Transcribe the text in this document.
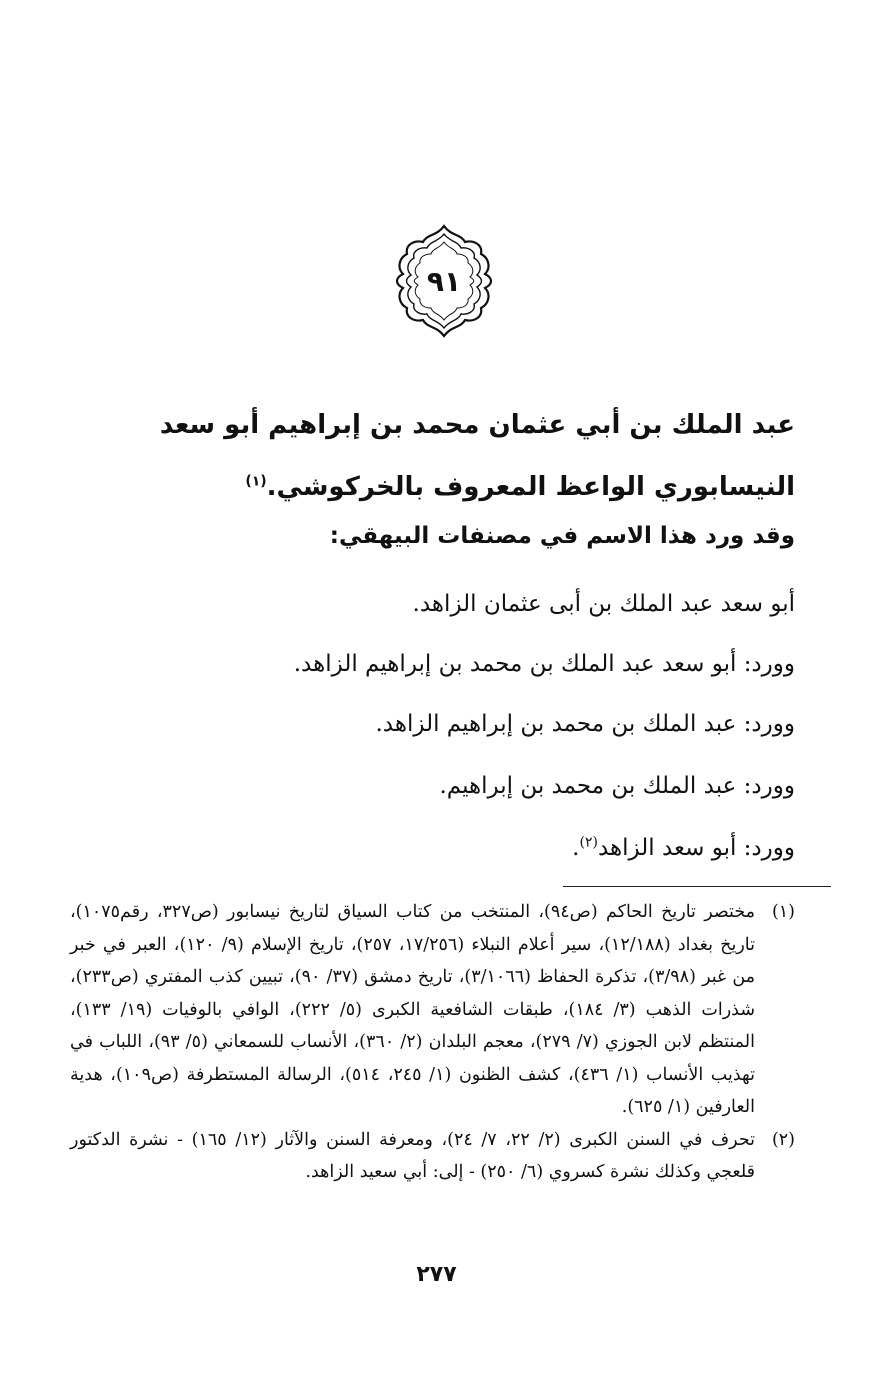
٩١
عبد الملك بن أبي عثمان محمد بن إبراهيم أبو سعد النيسابوري الواعظ المعروف بالخركوشي.$^{(١)}$
وقد ورد هذا الاسم في مصنفات البيهقي:
أبو سعد عبد الملك بن أبى عثمان الزاهد.
وورد: أبو سعد عبد الملك بن محمد بن إبراهيم الزاهد.
وورد: عبد الملك بن محمد بن إبراهيم الزاهد.
وورد: عبد الملك بن محمد بن إبراهيم.
وورد: أبو سعد الزاهد$^{(٢)}$.
(١)
مختصر تاريخ الحاكم (ص٩٤)، المنتخب من كتاب السياق لتاريخ نيسابور (ص٣٢٧، رقم١٠٧٥)، تاريخ بغداد (١٢/١٨٨)، سير أعلام النبلاء (١٧/٢٥٦، ٢٥٧)، تاريخ الإسلام (٩/ ١٢٠)، العبر في خبر من غبر (٣/٩٨)، تذكرة الحفاظ (٣/١٠٦٦)، تاريخ دمشق (٣٧/ ٩٠)، تبيين كذب المفتري (ص٢٣٣)، شذرات الذهب (٣/ ١٨٤)، طبقات الشافعية الكبرى (٥/ ٢٢٢)، الوافي بالوفيات (١٩/ ١٣٣)، المنتظم لابن الجوزي (٧/ ٢٧٩)، معجم البلدان (٢/ ٣٦٠)، الأنساب للسمعاني (٥/ ٩٣)، اللباب في تهذيب الأنساب (١/ ٤٣٦)، كشف الظنون (١/ ٢٤٥، ٥١٤)، الرسالة المستطرفة (ص١٠٩)، هدية العارفين (١/ ٦٢٥).
(٢)
تحرف في السنن الكبرى (٢/ ٢٢، ٧/ ٢٤)، ومعرفة السنن والآثار (١٢/ ١٦٥) - نشرة الدكتور قلعجي وكذلك نشرة كسروي (٦/ ٢٥٠) - إلى: أبي سعيد الزاهد.
٢٧٧
